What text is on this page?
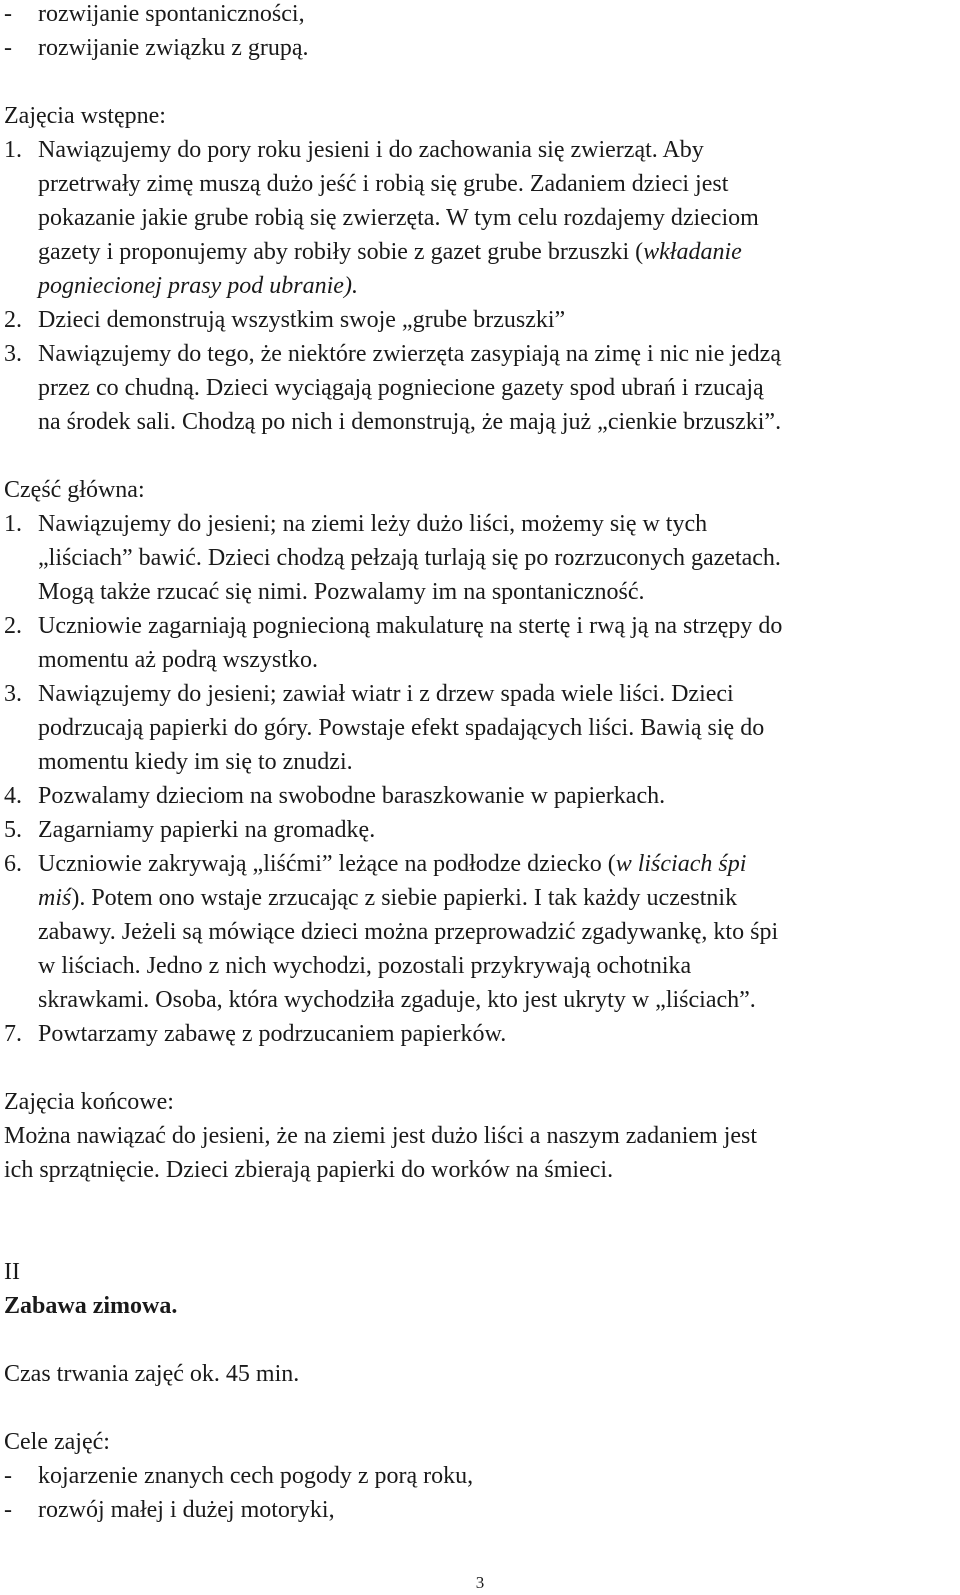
- rozwijanie spontaniczności,
- rozwijanie związku z grupą.
Zajęcia wstępne:
1. Nawiązujemy do pory roku jesieni i do zachowania się zwierząt. Aby
przetrwały zimę muszą dużo jeść i robią się grube. Zadaniem dzieci jest
pokazanie jakie grube robią się zwierzęta. W tym celu rozdajemy dzieciom
gazety i proponujemy aby robiły sobie z gazet grube brzuszki (wkładanie
pogniecionej prasy pod ubranie).
2. Dzieci demonstrują wszystkim swoje „grube brzuszki”
3. Nawiązujemy do tego, że niektóre zwierzęta zasypiają na zimę i nic nie jedzą
przez co chudną. Dzieci wyciągają pogniecione gazety spod ubrań i rzucają
na środek sali. Chodzą po nich i demonstrują, że mają już „cienkie brzuszki”.
Część główna:
1. Nawiązujemy do jesieni; na ziemi leży dużo liści, możemy się w tych
„liściach” bawić. Dzieci chodzą pełzają turlają się po rozrzuconych gazetach.
Mogą także rzucać się nimi. Pozwalamy im na spontaniczność.
2. Uczniowie zagarniają pogniecioną makulaturę na stertę i rwą ją na strzępy do
momentu aż podrą wszystko.
3. Nawiązujemy do jesieni; zawiał wiatr i z drzew spada wiele liści. Dzieci
podrzucają papierki do góry. Powstaje efekt spadających liści. Bawią się do
momentu kiedy im się to znudzi.
4. Pozwalamy dzieciom na swobodne baraszkowanie w papierkach.
5. Zagarniamy papierki na gromadkę.
6. Uczniowie zakrywają „liśćmi” leżące na podłodze dziecko (w liściach śpi
miś). Potem ono wstaje zrzucając z siebie papierki. I tak każdy uczestnik
zabawy. Jeżeli są mówiące dzieci można przeprowadzić zgadywankę, kto śpi
w liściach. Jedno z nich wychodzi, pozostali przykrywają ochotnika
skrawkami. Osoba, która wychodziła zgaduje, kto jest ukryty w „liściach”.
7. Powtarzamy zabawę z podrzucaniem papierków.
Zajęcia końcowe:
Można nawiązać do jesieni, że na ziemi jest dużo liści a naszym zadaniem jest
ich sprzątnięcie. Dzieci zbierają papierki do worków na śmieci.
II
Zabawa zimowa.
Czas trwania zajęć ok. 45 min.
Cele zajęć:
- kojarzenie znanych cech pogody z porą roku,
- rozwój małej i dużej motoryki,
3
